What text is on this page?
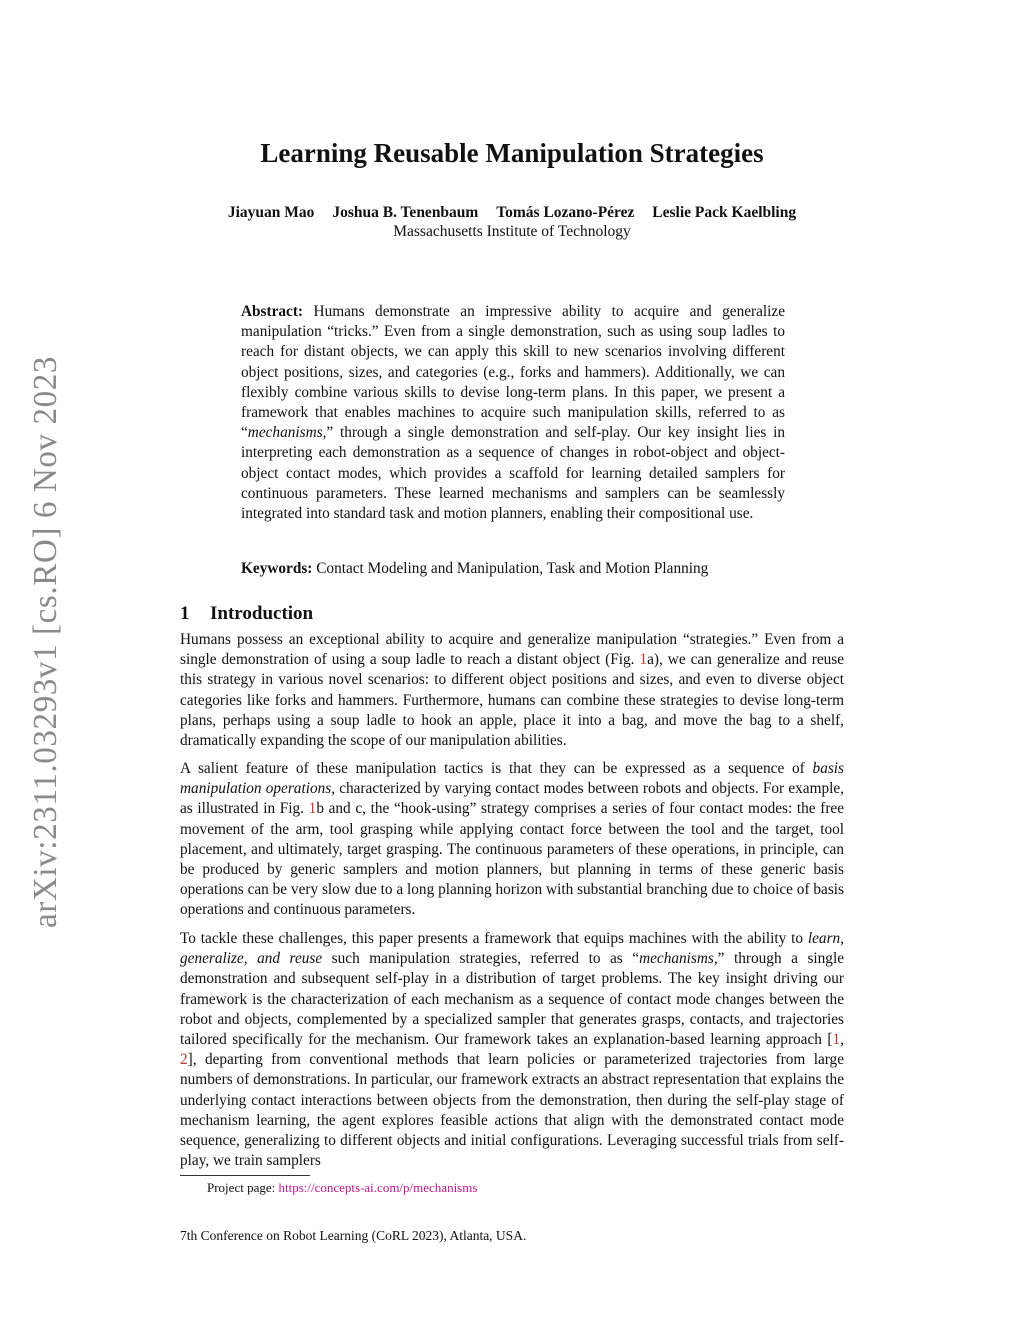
arXiv:2311.03293v1 [cs.RO] 6 Nov 2023
Learning Reusable Manipulation Strategies
Jiayuan Mao Joshua B. Tenenbaum Tomás Lozano-Pérez Leslie Pack Kaelbling
Massachusetts Institute of Technology
Abstract: Humans demonstrate an impressive ability to acquire and generalize manipulation “tricks.” Even from a single demonstration, such as using soup ladles to reach for distant objects, we can apply this skill to new scenarios involving different object positions, sizes, and categories (e.g., forks and hammers). Additionally, we can flexibly combine various skills to devise long-term plans. In this paper, we present a framework that enables machines to acquire such manipulation skills, referred to as “mechanisms,” through a single demonstration and self-play. Our key insight lies in interpreting each demonstration as a sequence of changes in robot-object and object-object contact modes, which provides a scaffold for learning detailed samplers for continuous parameters. These learned mechanisms and samplers can be seamlessly integrated into standard task and motion planners, enabling their compositional use.
Keywords: Contact Modeling and Manipulation, Task and Motion Planning
1 Introduction
Humans possess an exceptional ability to acquire and generalize manipulation “strategies.” Even from a single demonstration of using a soup ladle to reach a distant object (Fig. 1a), we can generalize and reuse this strategy in various novel scenarios: to different object positions and sizes, and even to diverse object categories like forks and hammers. Furthermore, humans can combine these strategies to devise long-term plans, perhaps using a soup ladle to hook an apple, place it into a bag, and move the bag to a shelf, dramatically expanding the scope of our manipulation abilities.
A salient feature of these manipulation tactics is that they can be expressed as a sequence of basis manipulation operations, characterized by varying contact modes between robots and objects. For example, as illustrated in Fig. 1b and c, the “hook-using” strategy comprises a series of four contact modes: the free movement of the arm, tool grasping while applying contact force between the tool and the target, tool placement, and ultimately, target grasping. The continuous parameters of these operations, in principle, can be produced by generic samplers and motion planners, but planning in terms of these generic basis operations can be very slow due to a long planning horizon with substantial branching due to choice of basis operations and continuous parameters.
To tackle these challenges, this paper presents a framework that equips machines with the ability to learn, generalize, and reuse such manipulation strategies, referred to as “mechanisms,” through a single demonstration and subsequent self-play in a distribution of target problems. The key insight driving our framework is the characterization of each mechanism as a sequence of contact mode changes between the robot and objects, complemented by a specialized sampler that generates grasps, contacts, and trajectories tailored specifically for the mechanism. Our framework takes an explanation-based learning approach [1, 2], departing from conventional methods that learn policies or parameterized trajectories from large numbers of demonstrations. In particular, our framework extracts an abstract representation that explains the underlying contact interactions between objects from the demonstration, then during the self-play stage of mechanism learning, the agent explores feasible actions that align with the demonstrated contact mode sequence, generalizing to different objects and initial configurations. Leveraging successful trials from self-play, we train samplers
Project page: https://concepts-ai.com/p/mechanisms
7th Conference on Robot Learning (CoRL 2023), Atlanta, USA.
